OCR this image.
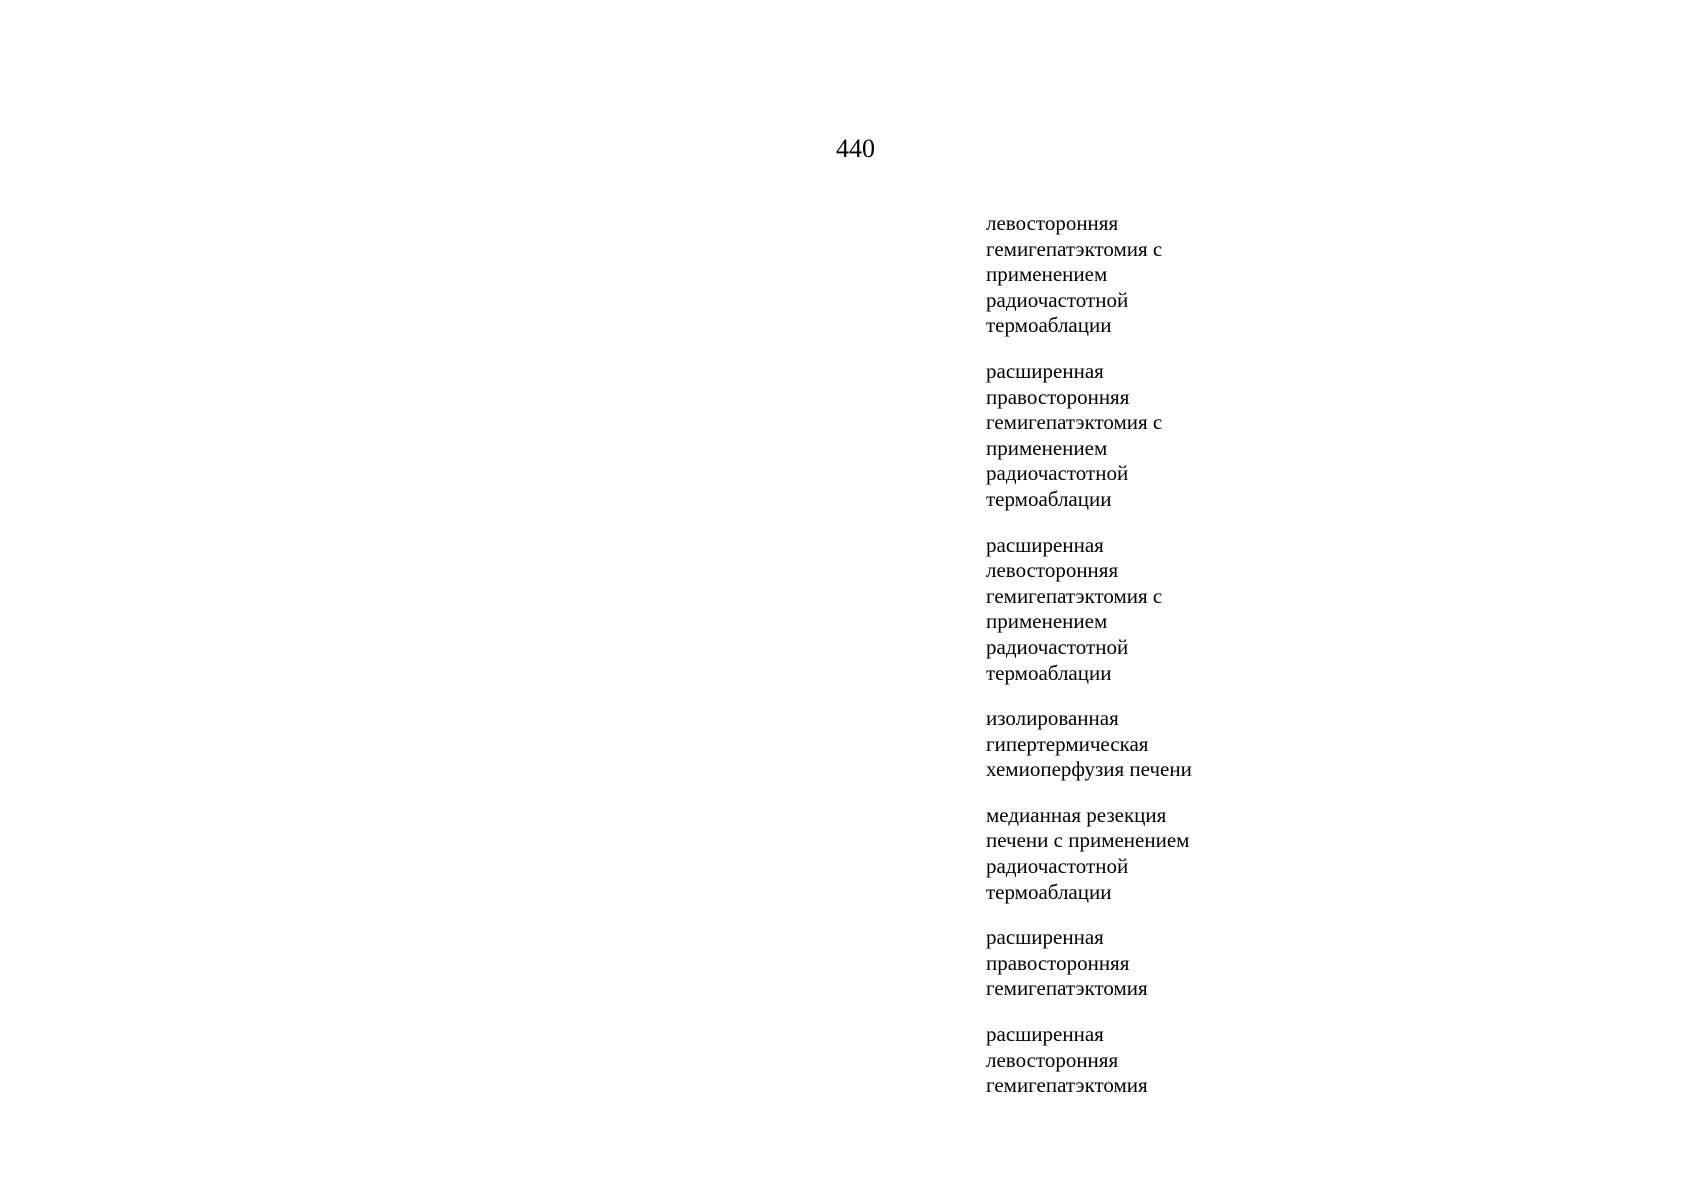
440

левосторонняя
гемигепатэктомия с
применением
радиочастотной
термоаблации

расширенная
правосторонняя
гемигепатэктомия с
применением
радиочастотной
термоаблации

расширенная
левосторонняя
гемигепатэктомия с
применением
радиочастотной
термоаблации

изолированная
гипертермическая
хемиоперфузия печени

медианная резекция
печени с применением
радиочастотной
термоаблации

расширенная
правосторонняя
гемигепатэктомия

расширенная
левосторонняя
гемигепатэктомия
